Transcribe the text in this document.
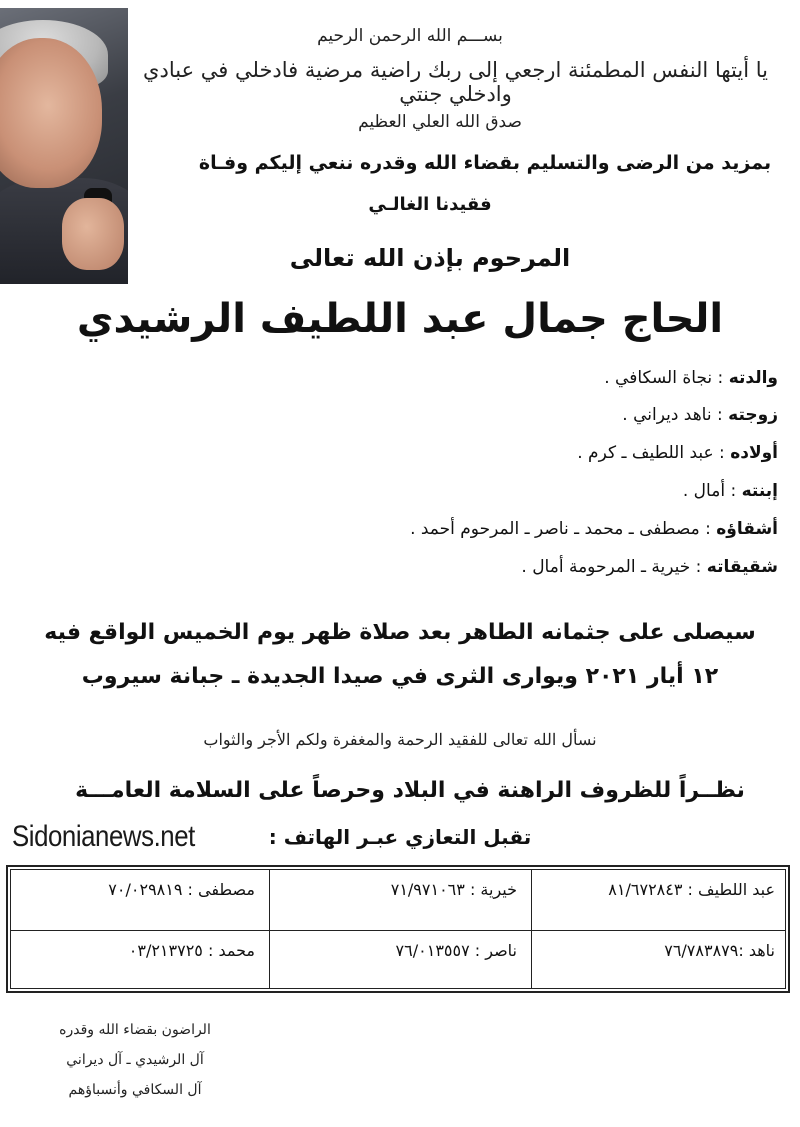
بســـم الله الرحمن الرحيم
يا أيتها النفس المطمئنة ارجعي إلى ربك راضية مرضية فادخلي في عبادي وادخلي جنتي
صدق الله العلي العظيم
بمزيد من الرضى والتسليم بقضاء الله وقدره ننعي إليكم وفـاة
فقيدنا الغالـي
المرحوم بإذن الله تعالى
الحاج جمال عبد اللطيف الرشيدي
والدته : نجاة السكافي .
زوجته : ناهد ديراني .
أولاده : عبد اللطيف ـ كرم .
إبنته : أمال .
أشقاؤه : مصطفى ـ محمد ـ ناصر ـ المرحوم أحمد .
شقيقاته : خيرية ـ المرحومة أمال .
سيصلى على جثمانه الطاهر بعد صلاة ظهر يوم الخميس الواقع فيه
١٢ أيار ٢٠٢١ ويوارى الثرى في صيدا الجديدة ـ جبانة سيروب
نسأل الله تعالى للفقيد الرحمة والمغفرة ولكم الأجر والثواب
نظــراً للظروف الراهنة في البلاد وحرصاً على السلامة العامـــة
تقبل التعازي عبـر الهاتف :
Sidonianews.net
عبد اللطيف : ٨١/٦٧٢٨٤٣
خيرية : ٧١/٩٧١٠٦٣
مصطفى : ٧٠/٠٢٩٨١٩
ناهد :٧٦/٧٨٣٨٧٩
ناصر : ٧٦/٠١٣٥٥٧
محمد : ٠٣/٢١٣٧٢٥
الراضون بقضاء الله وقدره
آل الرشيدي ـ آل ديراني
آل السكافي وأنسباؤهم
